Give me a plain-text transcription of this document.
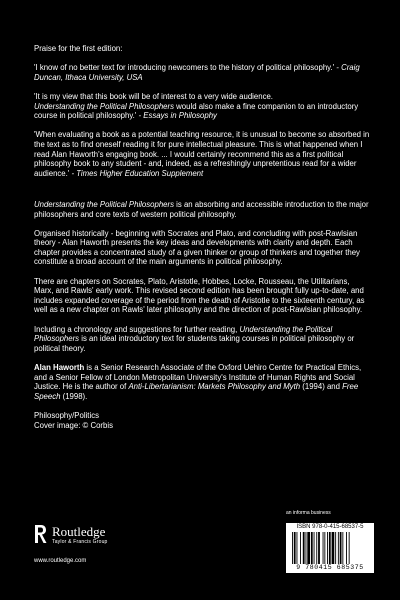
Praise for the first edition:

'I know of no better text for introducing newcomers to the history of political philosophy.' - Craig Duncan, Ithaca University, USA

'It is my view that this book will be of interest to a very wide audience.
Understanding the Political Philosophers would also make a fine companion to an introductory course in political philosophy.' - Essays in Philosophy

'When evaluating a book as a potential teaching resource, it is unusual to become so absorbed in the text as to find oneself reading it for pure intellectual pleasure. This is what happened when I read Alan Haworth's engaging book. ... I would certainly recommend this as a first political philosophy book to any student - and, indeed, as a refreshingly unpretentious read for a wider audience.' - Times Higher Education Supplement

Understanding the Political Philosophers is an absorbing and accessible introduction to the major philosophers and core texts of western political philosophy.

Organised historically - beginning with Socrates and Plato, and concluding with post-Rawlsian theory - Alan Haworth presents the key ideas and developments with clarity and depth. Each chapter provides a concentrated study of a given thinker or group of thinkers and together they constitute a broad account of the main arguments in political philosophy.

There are chapters on Socrates, Plato, Aristotle, Hobbes, Locke, Rousseau, the Utilitarians, Marx, and Rawls' early work. This revised second edition has been brought fully up-to-date, and includes expanded coverage of the period from the death of Aristotle to the sixteenth century, as well as a new chapter on Rawls' later philosophy and the direction of post-Rawlsian philosophy.

Including a chronology and suggestions for further reading, Understanding the Political Philosophers is an ideal introductory text for students taking courses in political philosophy or political theory.

Alan Haworth is a Senior Research Associate of the Oxford Uehiro Centre for Practical Ethics, and a Senior Fellow of London Metropolitan University's Institute of Human Rights and Social Justice. He is the author of Anti-Libertarianism: Markets Philosophy and Myth (1994) and Free Speech (1998).

Philosophy/Politics

Cover image: © Corbis

Routledge
Taylor & Francis Group
www.routledge.com
an informa business
ISBN 978-0-415-68537-5
9 780415 685375
